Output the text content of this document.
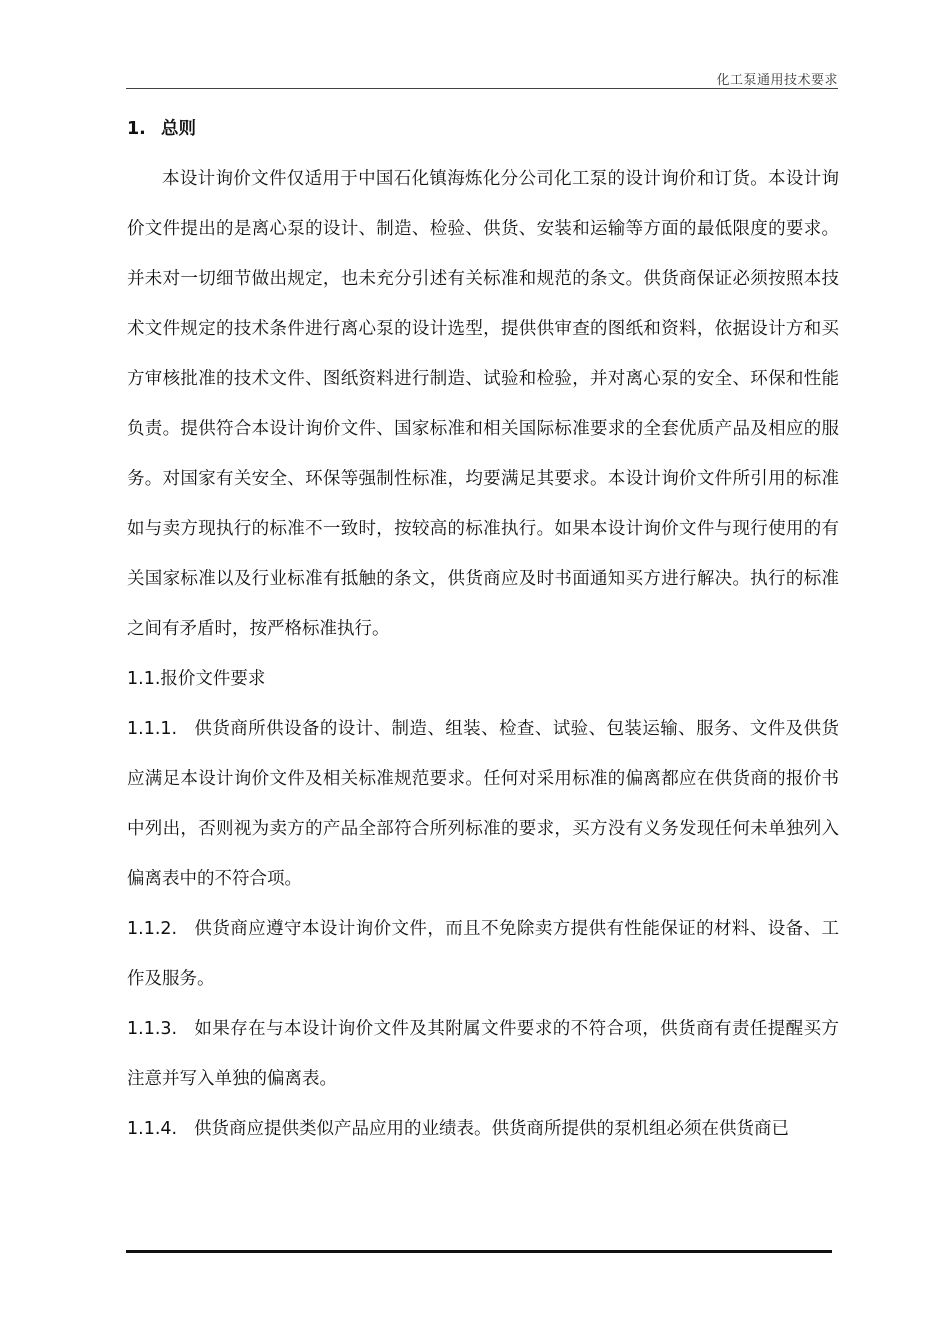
化工泵通用技术要求

1. 总则

本设计询价文件仅适用于中国石化镇海炼化分公司化工泵的设计询价和订货。本设计询价文件提出的是离心泵的设计、制造、检验、供货、安装和运输等方面的最低限度的要求。并未对一切细节做出规定，也未充分引述有关标准和规范的条文。供货商保证必须按照本技术文件规定的技术条件进行离心泵的设计选型，提供供审查的图纸和资料，依据设计方和买方审核批准的技术文件、图纸资料进行制造、试验和检验，并对离心泵的安全、环保和性能负责。提供符合本设计询价文件、国家标准和相关国际标准要求的全套优质产品及相应的服务。对国家有关安全、环保等强制性标准，均要满足其要求。本设计询价文件所引用的标准如与卖方现执行的标准不一致时，按较高的标准执行。如果本设计询价文件与现行使用的有关国家标准以及行业标准有抵触的条文，供货商应及时书面通知买方进行解决。执行的标准之间有矛盾时，按严格标准执行。

1.1.报价文件要求

1.1.1. 供货商所供设备的设计、制造、组装、检查、试验、包装运输、服务、文件及供货应满足本设计询价文件及相关标准规范要求。任何对采用标准的偏离都应在供货商的报价书中列出，否则视为卖方的产品全部符合所列标准的要求，买方没有义务发现任何未单独列入偏离表中的不符合项。

1.1.2. 供货商应遵守本设计询价文件，而且不免除卖方提供有性能保证的材料、设备、工作及服务。

1.1.3. 如果存在与本设计询价文件及其附属文件要求的不符合项，供货商有责任提醒买方注意并写入单独的偏离表。

1.1.4. 供货商应提供类似产品应用的业绩表。供货商所提供的泵机组必须在供货商已
